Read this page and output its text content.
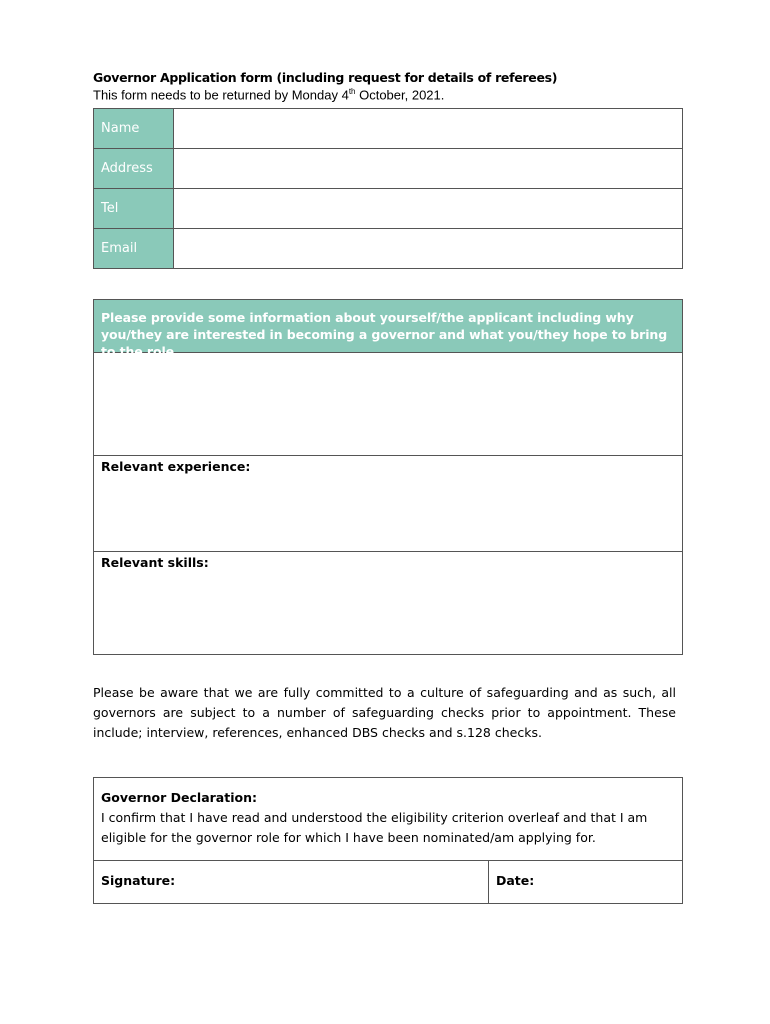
Governor Application form (including request for details of referees)
This form needs to be returned by Monday 4th October, 2021.
Name	
Address	
Tel	
Email	
Please provide some information about yourself/the applicant including why you/they are interested in becoming a governor and what you/they hope to bring to the role.
Relevant experience:
Relevant skills:
Please be aware that we are fully committed to a culture of safeguarding and as such, all governors are subject to a number of safeguarding checks prior to appointment. These include; interview, references, enhanced DBS checks and s.128 checks.
Governor Declaration:
I confirm that I have read and understood the eligibility criterion overleaf and that I am eligible for the governor role for which I have been nominated/am applying for.
Signature:	Date:
